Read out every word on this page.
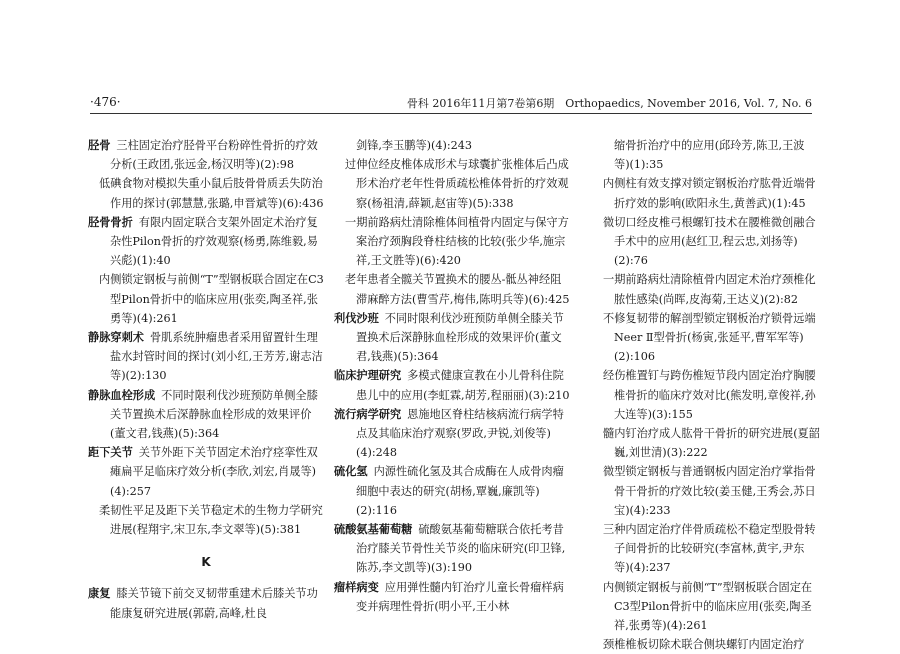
·476·	骨科 2016年11月第7卷第6期　Orthopaedics, November 2016, Vol. 7, No. 6

胫骨 三柱固定治疗胫骨平台粉碎性骨折的疗效分析(王政团,张远金,杨汉明等)(2):98

低碘食物对模拟失重小鼠后肢骨骨质丢失防治作用的探讨(郭慧慧,张璐,申晋斌等)(6):436

胫骨骨折 有限内固定联合支架外固定术治疗复杂性Pilon骨折的疗效观察(杨勇,陈维毅,易兴彪)(1):40

内侧锁定钢板与前侧“T”型钢板联合固定在C3型Pilon骨折中的临床应用(张奕,陶圣祥,张勇等)(4):261

静脉穿刺术 骨肌系统肿瘤患者采用留置针生理盐水封管时间的探讨(刘小红,王芳芳,谢志洁等)(2):130

静脉血栓形成 不同时限利伐沙班预防单侧全膝关节置换术后深静脉血栓形成的效果评价(董文君,钱燕)(5):364

距下关节 关节外距下关节固定术治疗痉挛性双瘫扁平足临床疗效分析(李欣,刘宏,肖晟等)(4):257

柔韧性平足及距下关节稳定术的生物力学研究进展(程翔宇,宋卫东,李文翠等)(5):381

K

康复 膝关节镜下前交叉韧带重建术后膝关节功能康复研究进展(郭蔚,高峰,杜良

剑锋,李玉鹏等)(4):243

过伸位经皮椎体成形术与球囊扩张椎体后凸成形术治疗老年性骨质疏松椎体骨折的疗效观察(杨祖清,薛颖,赵宙等)(5):338

一期前路病灶清除椎体间植骨内固定与保守方案治疗颈胸段脊柱结核的比较(张少华,施宗祥,王文胜等)(6):420

老年患者全髋关节置换术的腰丛-骶丛神经阻滞麻醉方法(曹雪芹,梅伟,陈明兵等)(6):425

利伐沙班 不同时限利伐沙班预防单侧全膝关节置换术后深静脉血栓形成的效果评价(董文君,钱燕)(5):364

临床护理研究 多模式健康宣教在小儿骨科住院患儿中的应用(李虹霖,胡芳,程丽丽)(3):210

流行病学研究 恩施地区脊柱结核病流行病学特点及其临床治疗观察(罗政,尹锐,刘俊等)(4):248

硫化氢 内源性硫化氢及其合成酶在人成骨肉瘤细胞中表达的研究(胡杨,覃巍,廉凯等)(2):116

硫酸氨基葡萄糖 硫酸氨基葡萄糖联合依托考昔治疗膝关节骨性关节炎的临床研究(印卫锋,陈苏,李文凯等)(3):190

瘤样病变 应用弹性髓内钉治疗儿童长骨瘤样病变并病理性骨折(明小平,王小林

缩骨折治疗中的应用(邱玲芳,陈卫,王波等)(1):35

内侧柱有效支撑对锁定钢板治疗肱骨近端骨折疗效的影响(欧阳永生,黄善武)(1):45

微切口经皮椎弓根螺钉技术在腰椎微创融合手术中的应用(赵红卫,程云忠,刘扬等)(2):76

一期前路病灶清除植骨内固定术治疗颈椎化脓性感染(尚晖,皮海菊,王达义)(2):82

不修复韧带的解剖型锁定钢板治疗锁骨远端Neer Ⅱ型骨折(杨寅,张延平,曹军军等)(2):106

经伤椎置钉与跨伤椎短节段内固定治疗胸腰椎骨折的临床疗效对比(熊发明,章俊祥,孙大连等)(3):155

髓内钉治疗成人肱骨干骨折的研究进展(夏韶巍,刘世清)(3):222

微型锁定钢板与普通钢板内固定治疗掌指骨骨干骨折的疗效比较(姜玉健,王秀会,苏日宝)(4):233

三种内固定治疗伴骨质疏松不稳定型股骨转子间骨折的比较研究(李富林,黄宇,尹东等)(4):237

内侧锁定钢板与前侧“T”型钢板联合固定在C3型Pilon骨折中的临床应用(张奕,陶圣祥,张勇等)(4):261

颈椎椎板切除术联合侧块螺钉内固定治疗
